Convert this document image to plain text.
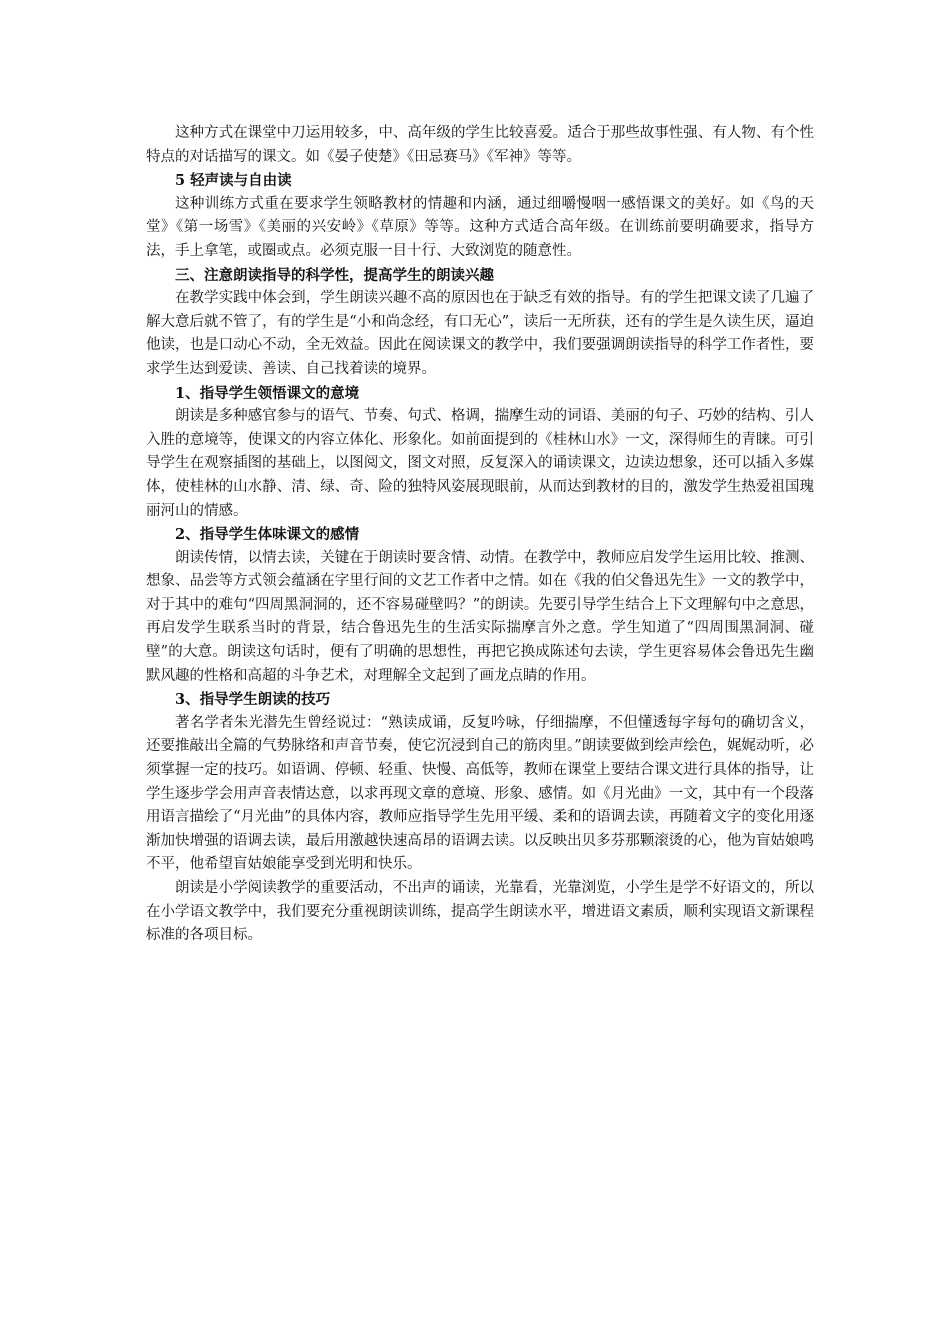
这种方式在课堂中刀运用较多，中、高年级的学生比较喜爱。适合于那些故事性强、有人物、有个性特点的对话描写的课文。如《晏子使楚》《田忌赛马》《军神》等等。

5 轻声读与自由读

这种训练方式重在要求学生领略教材的情趣和内涵，通过细嚼慢咽一感悟课文的美好。如《鸟的天堂》《第一场雪》《美丽的兴安岭》《草原》等等。这种方式适合高年级。在训练前要明确要求，指导方法，手上拿笔，或圈或点。必须克服一目十行、大致浏览的随意性。

三、注意朗读指导的科学性，提高学生的朗读兴趣

在教学实践中体会到，学生朗读兴趣不高的原因也在于缺乏有效的指导。有的学生把课文读了几遍了解大意后就不管了，有的学生是“小和尚念经，有口无心”，读后一无所获，还有的学生是久读生厌，逼迫他读，也是口动心不动，全无效益。因此在阅读课文的教学中，我们要强调朗读指导的科学工作者性，要求学生达到爱读、善读、自己找着读的境界。

1、指导学生领悟课文的意境

朗读是多种感官参与的语气、节奏、句式、格调，揣摩生动的词语、美丽的句子、巧妙的结构、引人入胜的意境等，使课文的内容立体化、形象化。如前面提到的《桂林山水》一文，深得师生的青睐。可引导学生在观察插图的基础上，以图阅文，图文对照，反复深入的诵读课文，边读边想象，还可以插入多媒体，使桂林的山水静、清、绿、奇、险的独特风姿展现眼前，从而达到教材的目的，激发学生热爱祖国瑰丽河山的情感。

2、指导学生体味课文的感情

朗读传情，以情去读，关键在于朗读时要含情、动情。在教学中，教师应启发学生运用比较、推测、想象、品尝等方式领会蕴涵在字里行间的文艺工作者中之情。如在《我的伯父鲁迅先生》一文的教学中，对于其中的难句“四周黑洞洞的，还不容易碰壁吗？”的朗读。先要引导学生结合上下文理解句中之意思，再启发学生联系当时的背景，结合鲁迅先生的生活实际揣摩言外之意。学生知道了“四周围黑洞洞、碰壁”的大意。朗读这句话时，便有了明确的思想性，再把它换成陈述句去读，学生更容易体会鲁迅先生幽默风趣的性格和高超的斗争艺术，对理解全文起到了画龙点睛的作用。

3、指导学生朗读的技巧

著名学者朱光潜先生曾经说过：“熟读成诵，反复吟咏，仔细揣摩，不但懂透每字每句的确切含义，还要推敲出全篇的气势脉络和声音节奏，使它沉浸到自己的筋肉里。”朗读要做到绘声绘色，娓娓动听，必须掌握一定的技巧。如语调、停顿、轻重、快慢、高低等，教师在课堂上要结合课文进行具体的指导，让学生逐步学会用声音表情达意，以求再现文章的意境、形象、感情。如《月光曲》一文，其中有一个段落用语言描绘了“月光曲”的具体内容，教师应指导学生先用平缓、柔和的语调去读，再随着文字的变化用逐渐加快增强的语调去读，最后用激越快速高昂的语调去读。以反映出贝多芬那颗滚烫的心，他为盲姑娘鸣不平，他希望盲姑娘能享受到光明和快乐。

朗读是小学阅读教学的重要活动，不出声的诵读，光靠看，光靠浏览，小学生是学不好语文的，所以在小学语文教学中，我们要充分重视朗读训练，提高学生朗读水平，增进语文素质，顺利实现语文新课程标准的各项目标。
